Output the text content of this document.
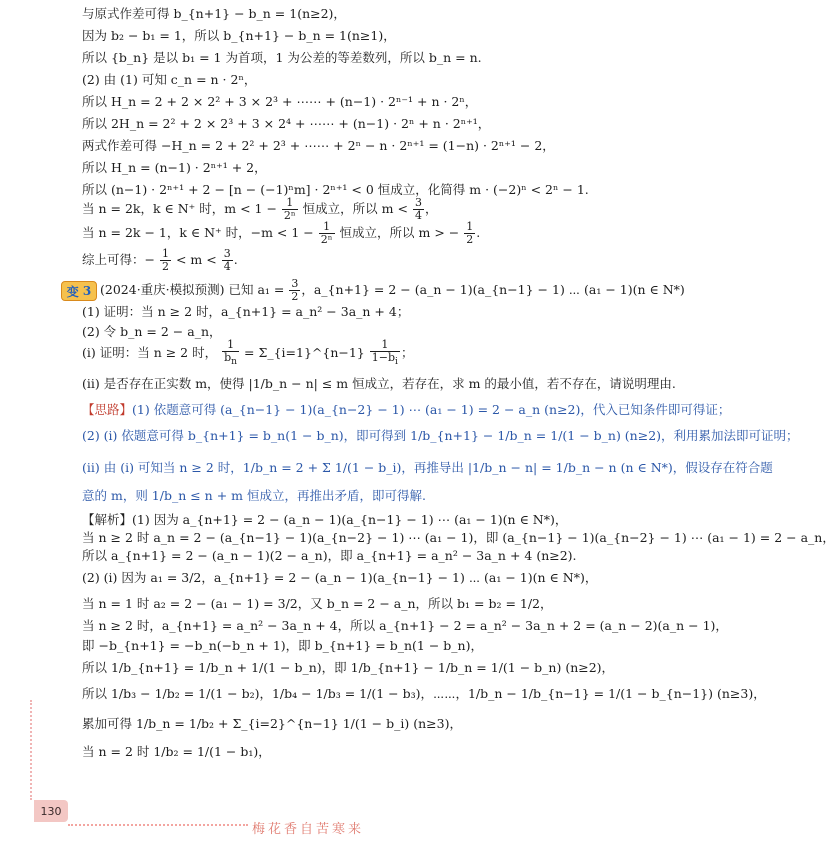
与原式作差可得 b_{n+1} − b_n = 1(n≥2)，
因为 b₂ − b₁ = 1，所以 b_{n+1} − b_n = 1(n≥1)，
所以 {b_n} 是以 b₁ = 1 为首项，1 为公差的等差数列，所以 b_n = n.
(2) 由 (1) 可知 c_n = n · 2ⁿ，
所以 H_n = 2 + 2 × 2² + 3 × 2³ + ⋯⋯ + (n−1) · 2ⁿ⁻¹ + n · 2ⁿ，
所以 2H_n = 2² + 2 × 2³ + 3 × 2⁴ + ⋯⋯ + (n−1) · 2ⁿ + n · 2ⁿ⁺¹，
两式作差可得 −H_n = 2 + 2² + 2³ + ⋯⋯ + 2ⁿ − n · 2ⁿ⁺¹ = (1−n) · 2ⁿ⁺¹ − 2，
所以 H_n = (n−1) · 2ⁿ⁺¹ + 2，
所以 (n−1) · 2ⁿ⁺¹ + 2 − [n − (−1)ⁿm] · 2ⁿ⁺¹ < 0 恒成立，化简得 m · (−2)ⁿ < 2ⁿ − 1.
当 n = 2k，k ∈ N⁺ 时，$m < 1 - \frac{1}{\text{2ⁿ}}$ 恒成立，所以 $m < \frac{3}{4}$ ，
当 n = 2k − 1，k ∈ N⁺ 时，$-m < 1 - \frac{1}{\text{2ⁿ}}$ 恒成立，所以 m > − $\frac{1}{2}$ .
综上可得：− $\frac{1}{2} < m < \frac{3}{4}$ .
变
3 (2024·重庆·模拟预测) 已知 $a_1 = \frac{3}{2}$ ，a_{n+1} = 2 − (a_n − 1)(a_{n−1} − 1) ⋯ (a₁ − 1)(n ∈ N*)
(1) 证明：当 n ≥ 2 时，a_{n+1} = a_n² − 3a_n + 4；
(2) 令 b_n = 2 − a_n，
(i) 证明：当 n ≥ 2 时， $\frac{1}{b_n}$ = Σ_{i=1}^{n−1} $\frac{1}{1-b_i}$ ；
(ii) 是否存在正实数 m，使得 |1/b_n − n| ≤ m 恒成立，若存在，求 m 的最小值，若不存在，请说明理由.
【思路】(1) 依题意可得 (a_{n−1} − 1)(a_{n−2} − 1) ⋯ (a₁ − 1) = 2 − a_n (n≥2)，代入已知条件即可得证；
(2) (i) 依题意可得 b_{n+1} = b_n(1 − b_n)，即可得到 1/b_{n+1} − 1/b_n = 1/(1 − b_n) (n≥2)，利用累加法即可证明；
(ii) 由 (i) 可知当 n ≥ 2 时，1/b_n = 2 + Σ 1/(1 − b_i)，再推导出 |1/b_n − n| = 1/b_n − n (n ∈ N*)，假设存在符合题
意的 m，则 1/b_n ≤ n + m 恒成立，再推出矛盾，即可得解.
【解析】(1) 因为 a_{n+1} = 2 − (a_n − 1)(a_{n−1} − 1) ⋯ (a₁ − 1)(n ∈ N*)，
当 n ≥ 2 时 a_n = 2 − (a_{n−1} − 1)(a_{n−2} − 1) ⋯ (a₁ − 1)，即 (a_{n−1} − 1)(a_{n−2} − 1) ⋯ (a₁ − 1) = 2 − a_n，
所以 a_{n+1} = 2 − (a_n − 1)(2 − a_n)，即 a_{n+1} = a_n² − 3a_n + 4 (n≥2).
(2) (i) 因为 a₁ = 3/2，a_{n+1} = 2 − (a_n − 1)(a_{n−1} − 1) ⋯ (a₁ − 1)(n ∈ N*)，
当 n = 1 时 a₂ = 2 − (a₁ − 1) = 3/2，又 b_n = 2 − a_n，所以 b₁ = b₂ = 1/2，
当 n ≥ 2 时，a_{n+1} = a_n² − 3a_n + 4，所以 a_{n+1} − 2 = a_n² − 3a_n + 2 = (a_n − 2)(a_n − 1)，
即 −b_{n+1} = −b_n(−b_n + 1)，即 b_{n+1} = b_n(1 − b_n)，
所以 1/b_{n+1} = 1/b_n + 1/(1 − b_n)，即 1/b_{n+1} − 1/b_n = 1/(1 − b_n) (n≥2)，
所以 1/b₃ − 1/b₂ = 1/(1 − b₂)，1/b₄ − 1/b₃ = 1/(1 − b₃)，⋯⋯，1/b_n − 1/b_{n−1} = 1/(1 − b_{n−1}) (n≥3)，
累加可得 1/b_n = 1/b₂ + Σ_{i=2}^{n−1} 1/(1 − b_i) (n≥3)，
当 n = 2 时 1/b₂ = 1/(1 − b₁)，
130
梅花香自苦寒来
